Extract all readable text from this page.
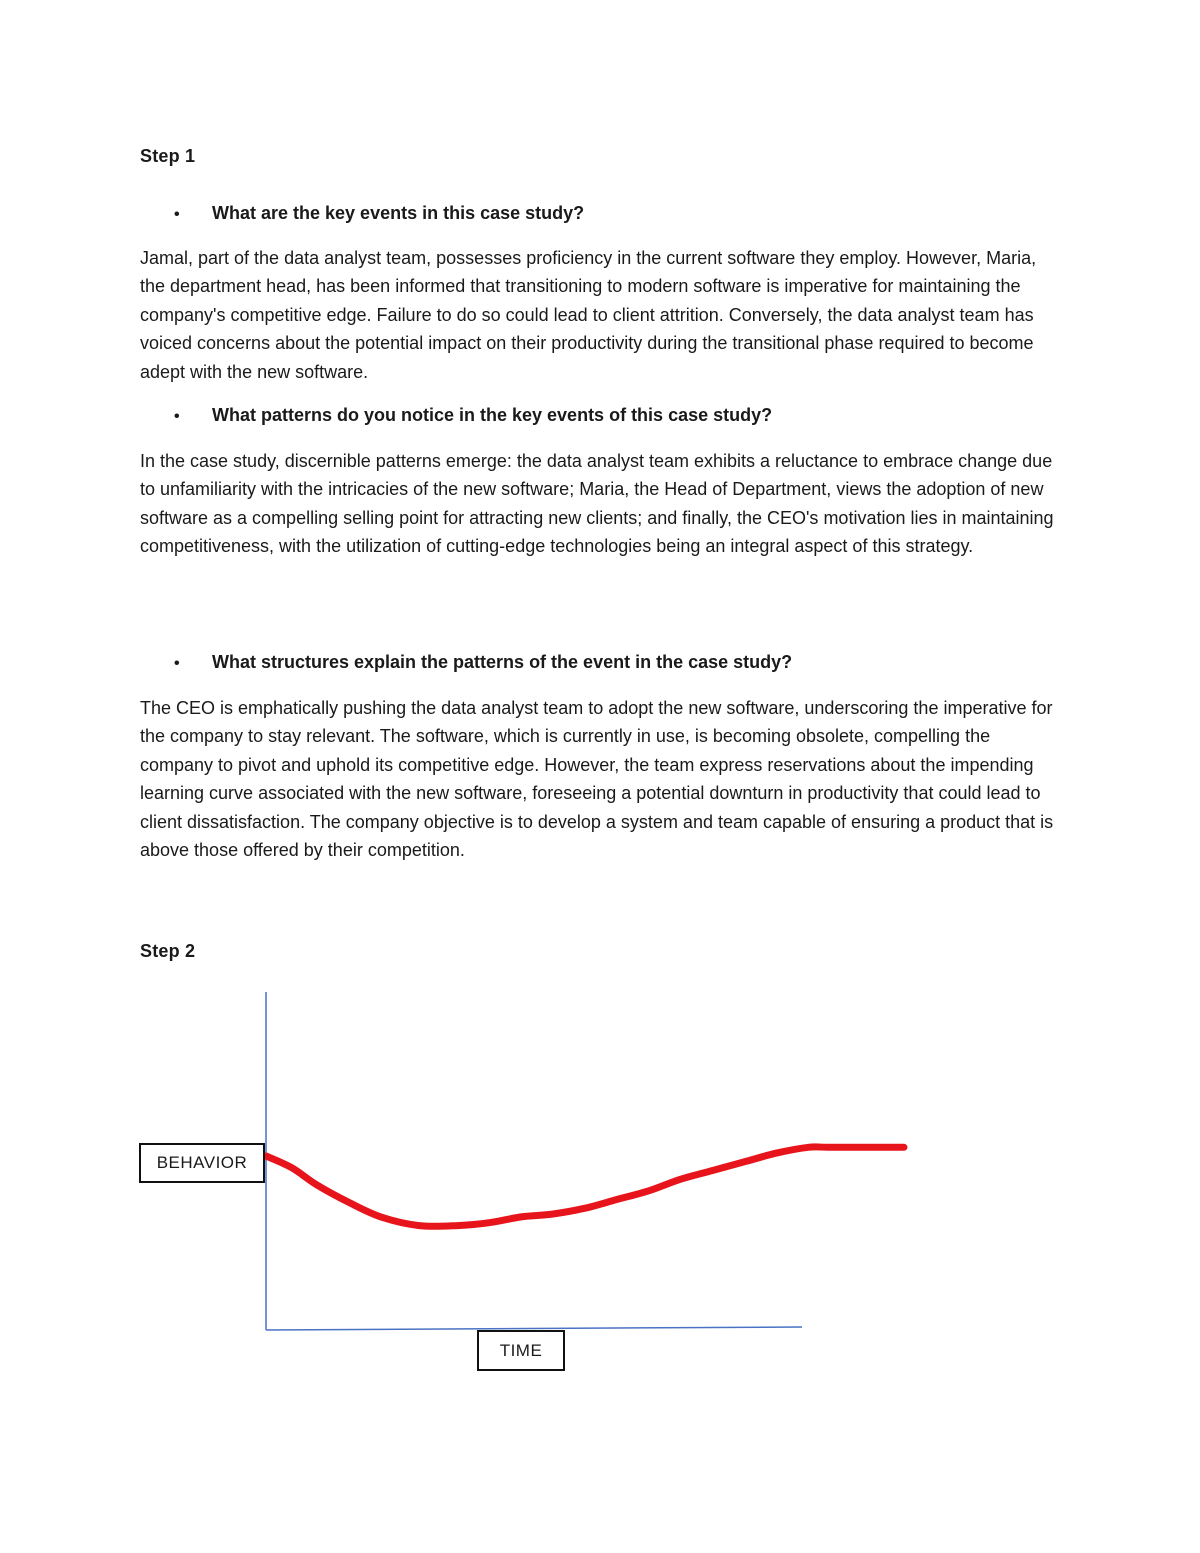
Step 1

•	What are the key events in this case study?

Jamal, part of the data analyst team, possesses proficiency in the current software they employ. However, Maria, the department head, has been informed that transitioning to modern software is imperative for maintaining the company's competitive edge. Failure to do so could lead to client attrition. Conversely, the data analyst team has voiced concerns about the potential impact on their productivity during the transitional phase required to become adept with the new software.

•	What patterns do you notice in the key events of this case study?

In the case study, discernible patterns emerge: the data analyst team exhibits a reluctance to embrace change due to unfamiliarity with the intricacies of the new software; Maria, the Head of Department, views the adoption of new software as a compelling selling point for attracting new clients; and finally, the CEO's motivation lies in maintaining competitiveness, with the utilization of cutting-edge technologies being an integral aspect of this strategy.

•	What structures explain the patterns of the event in the case study?

The CEO is emphatically pushing the data analyst team to adopt the new software, underscoring the imperative for the company to stay relevant. The software, which is currently in use, is becoming obsolete, compelling the company to pivot and uphold its competitive edge. However, the team express reservations about the impending learning curve associated with the new software, foreseeing a potential downturn in productivity that could lead to client dissatisfaction. The company objective is to develop a system and team capable of ensuring a product that is above those offered by their competition.

Step 2
BEHAVIOR
TIME
